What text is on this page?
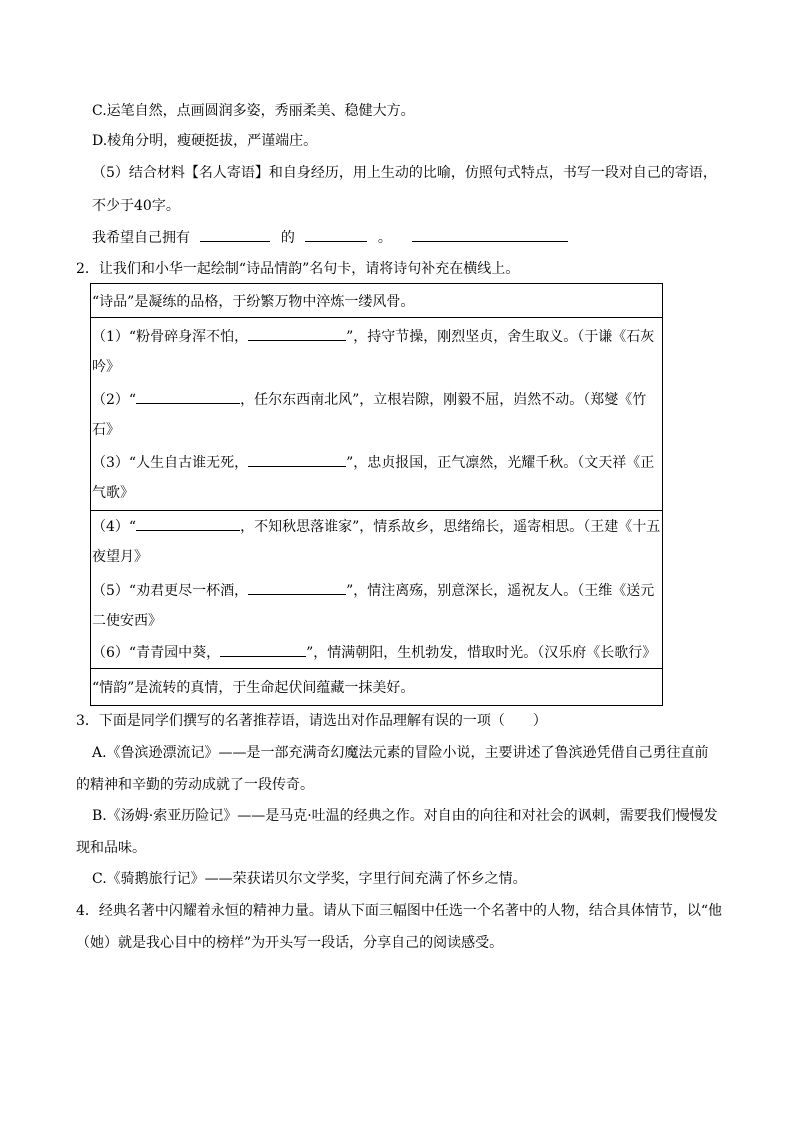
C.运笔自然，点画圆润多姿，秀丽柔美、稳健大方。
D.棱角分明，瘦硬挺拔，严谨端庄。
（5）结合材料【名人寄语】和自身经历，用上生动的比喻，仿照句式特点，书写一段对自己的寄语，
不少于40字。
我希望自己拥有	的	。
2．让我们和小华一起绘制“诗品情韵”名句卡，请将诗句补充在横线上。
“诗品”是凝练的品格，于纷繁万物中淬炼一缕风骨。
（1）“粉骨碎身浑不怕，	”，持守节操，刚烈坚贞，舍生取义。（于谦《石灰
吟》
（2）“	，任尔东西南北风”，立根岩隙，刚毅不屈，岿然不动。（郑燮《竹
石》
（3）“人生自古谁无死，	”，忠贞报国，正气凛然，光耀千秋。（文天祥《正
气歌》
（4）“	，不知秋思落谁家”，情系故乡，思绪绵长，遥寄相思。（王建《十五
夜望月》
（5）“劝君更尽一杯酒，	”，情注离殇，别意深长，遥祝友人。（王维《送元
二使安西》
（6）“青青园中葵，	”，情满朝阳，生机勃发，惜取时光。（汉乐府《长歌行》
“情韵”是流转的真情，于生命起伏间蕴藏一抹美好。
3．下面是同学们撰写的名著推荐语，请选出对作品理解有误的一项（　　）
A.《鲁滨逊漂流记》——是一部充满奇幻魔法元素的冒险小说，主要讲述了鲁滨逊凭借自己勇往直前
的精神和辛勤的劳动成就了一段传奇。
B.《汤姆·索亚历险记》——是马克·吐温的经典之作。对自由的向往和对社会的讽刺，需要我们慢慢发
现和品味。
C.《骑鹅旅行记》——荣获诺贝尔文学奖，字里行间充满了怀乡之情。
4．经典名著中闪耀着永恒的精神力量。请从下面三幅图中任选一个名著中的人物，结合具体情节，以“他
（她）就是我心目中的榜样”为开头写一段话，分享自己的阅读感受。
